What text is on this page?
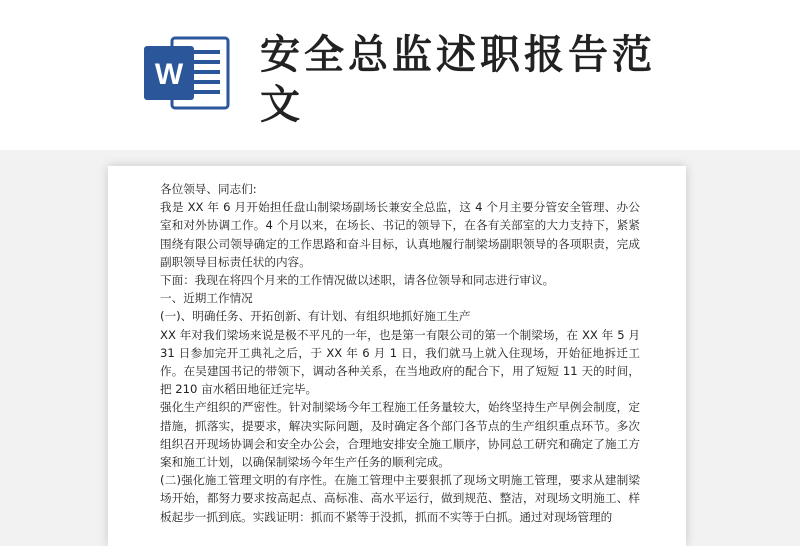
W 安全总监述职报告范文

各位领导、同志们:

我是 XX 年 6 月开始担任盘山制梁场副场长兼安全总监，这 4 个月主要分管安全管理、办公室和对外协调工作。4 个月以来，在场长、书记的领导下，在各有关部室的大力支持下，紧紧围绕有限公司领导确定的工作思路和奋斗目标，认真地履行制梁场副职领导的各项职责，完成副职领导目标责任状的内容。

下面：我现在将四个月来的工作情况做以述职，请各位领导和同志进行审议。

一、近期工作情况

(一)、明确任务、开拓创新、有计划、有组织地抓好施工生产

XX 年对我们梁场来说是极不平凡的一年，也是第一有限公司的第一个制梁场，在 XX 年 5 月 31 日参加完开工典礼之后，于 XX 年 6 月 1 日，我们就马上就入住现场，开始征地拆迁工作。在吴建国书记的带领下，调动各种关系，在当地政府的配合下，用了短短 11 天的时间，把 210 亩水稻田地征迁完毕。

强化生产组织的严密性。针对制梁场今年工程施工任务量较大，始终坚持生产早例会制度，定措施，抓落实，提要求，解决实际问题，及时确定各个部门各节点的生产组织重点环节。多次组织召开现场协调会和安全办公会，合理地安排安全施工顺序，协同总工研究和确定了施工方案和施工计划，以确保制梁场今年生产任务的顺利完成。

(二)强化施工管理文明的有序性。在施工管理中主要狠抓了现场文明施工管理，要求从建制梁场开始，都努力要求按高起点、高标准、高水平运行，做到规范、整洁，对现场文明施工、样板起步一抓到底。实践证明：抓而不紧等于没抓，抓而不实等于白抓。通过对现场管理的
